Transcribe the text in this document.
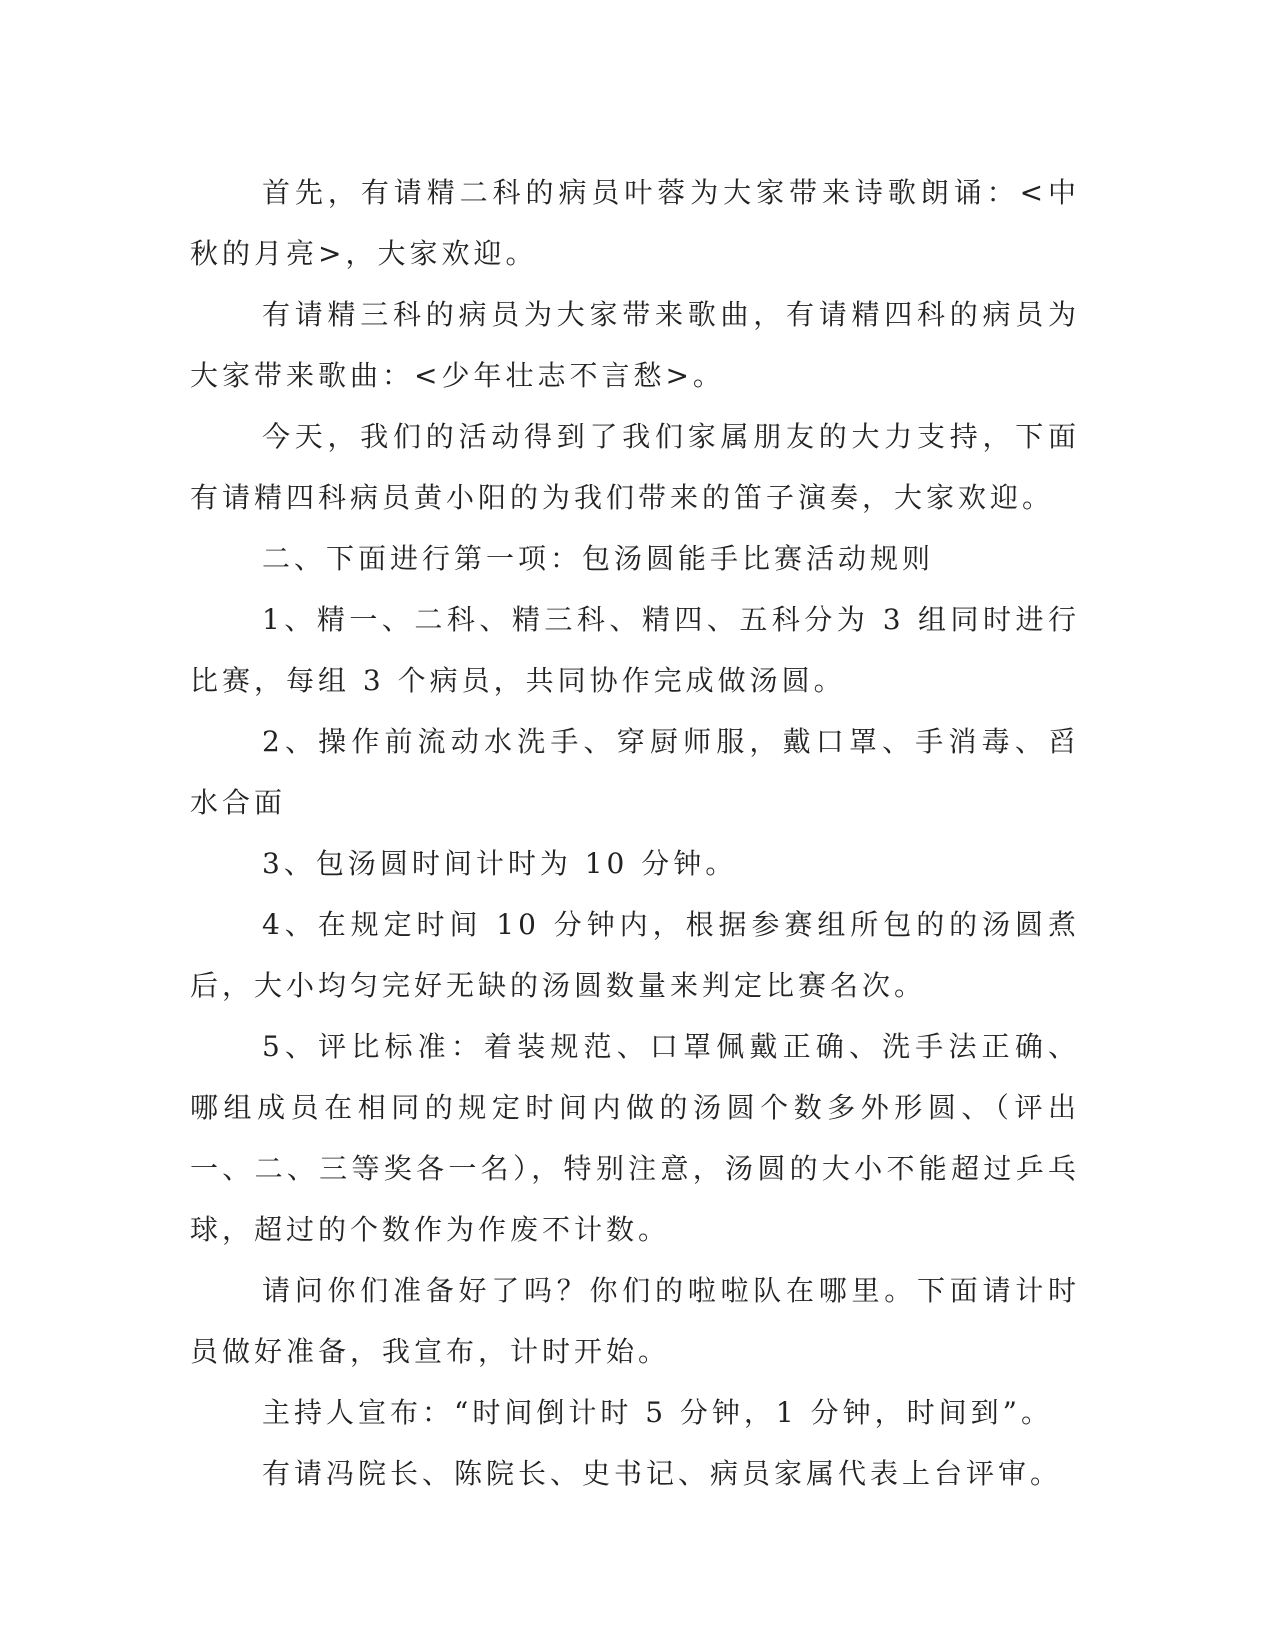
首先，有请精二科的病员叶蓉为大家带来诗歌朗诵：<中秋的月亮>，大家欢迎。

有请精三科的病员为大家带来歌曲，有请精四科的病员为大家带来歌曲：<少年壮志不言愁>。

今天，我们的活动得到了我们家属朋友的大力支持，下面有请精四科病员黄小阳的为我们带来的笛子演奏，大家欢迎。

二、下面进行第一项：包汤圆能手比赛活动规则

1、精一、二科、精三科、精四、五科分为 3 组同时进行比赛，每组 3 个病员，共同协作完成做汤圆。

2、操作前流动水洗手、穿厨师服，戴口罩、手消毒、舀水合面

3、包汤圆时间计时为 10 分钟。

4、在规定时间 10 分钟内，根据参赛组所包的的汤圆煮后，大小均匀完好无缺的汤圆数量来判定比赛名次。

5、评比标准：着装规范、口罩佩戴正确、洗手法正确、哪组成员在相同的规定时间内做的汤圆个数多外形圆、（评出一、二、三等奖各一名），特别注意，汤圆的大小不能超过乒乓球，超过的个数作为作废不计数。

请问你们准备好了吗？你们的啦啦队在哪里。下面请计时员做好准备，我宣布，计时开始。

主持人宣布：“时间倒计时 5 分钟，1 分钟，时间到”。

有请冯院长、陈院长、史书记、病员家属代表上台评审。
